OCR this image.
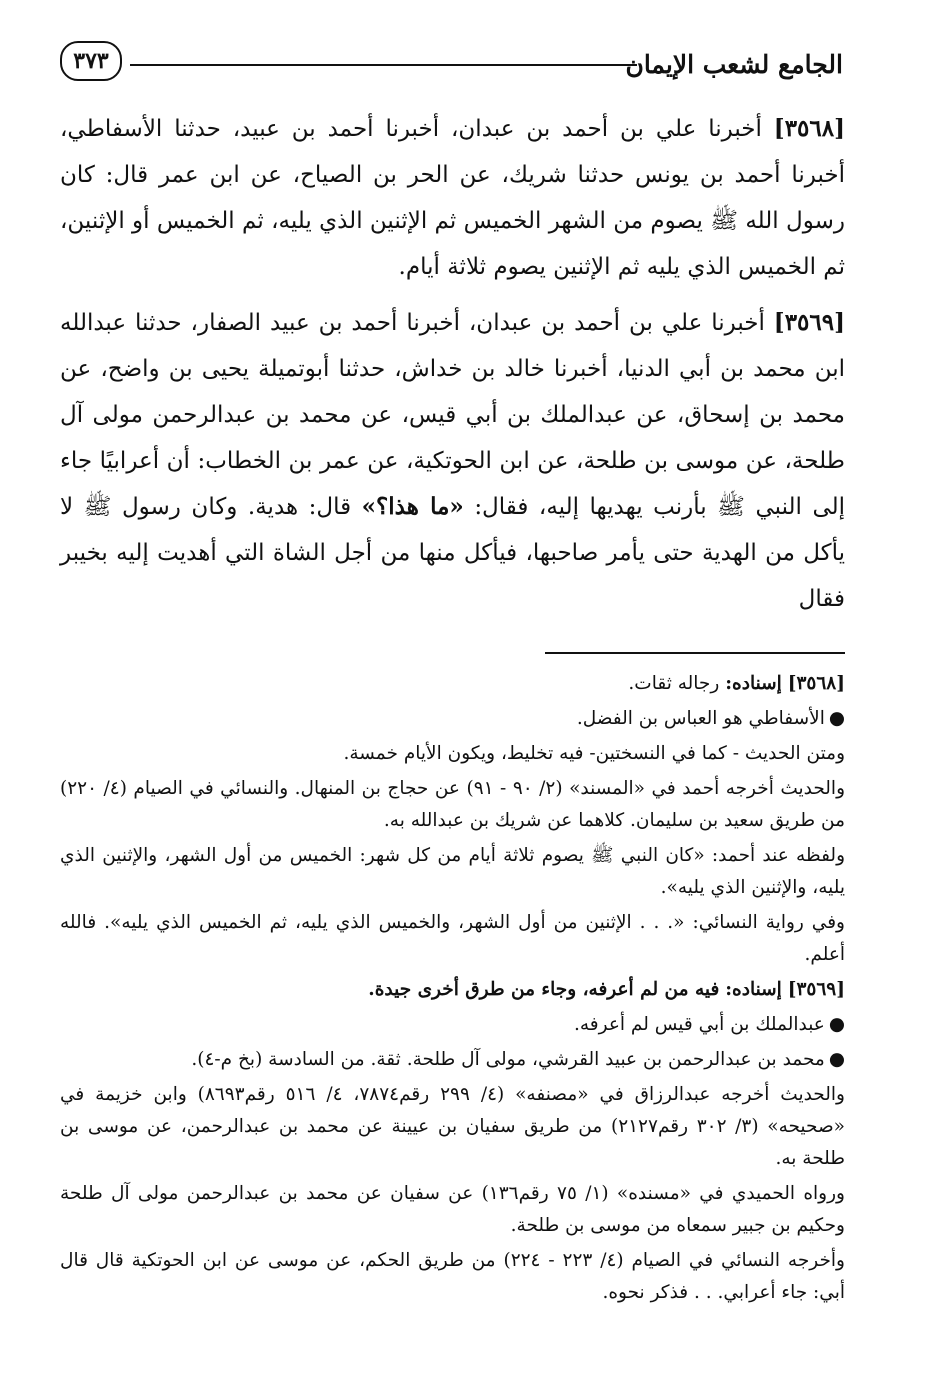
الجامع لشعب الإيمان
٣٧٣

[٣٥٦٨] أخبرنا علي بن أحمد بن عبدان، أخبرنا أحمد بن عبيد، حدثنا الأسفاطي، أخبرنا أحمد بن يونس حدثنا شريك، عن الحر بن الصياح، عن ابن عمر قال: كان رسول الله ﷺ يصوم من الشهر الخميس ثم الإثنين الذي يليه، ثم الخميس أو الإثنين، ثم الخميس الذي يليه ثم الإثنين يصوم ثلاثة أيام.

[٣٥٦٩] أخبرنا علي بن أحمد بن عبدان، أخبرنا أحمد بن عبيد الصفار، حدثنا عبدالله ابن محمد بن أبي الدنيا، أخبرنا خالد بن خداش، حدثنا أبوتميلة يحيى بن واضح، عن محمد بن إسحاق، عن عبدالملك بن أبي قيس، عن محمد بن عبدالرحمن مولى آل طلحة، عن موسى بن طلحة، عن ابن الحوتكية، عن عمر بن الخطاب: أن أعرابيًا جاء إلى النبي ﷺ بأرنب يهديها إليه، فقال: «ما هذا؟» قال: هدية. وكان رسول ﷺ لا يأكل من الهدية حتى يأمر صاحبها، فيأكل منها من أجل الشاة التي أهديت إليه بخيبر فقال

[٣٥٦٨] إسناده: رجاله ثقات.

●الأسفاطي هو العباس بن الفضل.

ومتن الحديث - كما في النسختين- فيه تخليط، ويكون الأيام خمسة.

والحديث أخرجه أحمد في «المسند» (٢/ ٩٠ - ٩١) عن حجاج بن المنهال. والنسائي في الصيام (٤/ ٢٢٠) من طريق سعيد بن سليمان. كلاهما عن شريك بن عبدالله به.

ولفظه عند أحمد: «كان النبي ﷺ يصوم ثلاثة أيام من كل شهر: الخميس من أول الشهر، والإثنين الذي يليه، والإثنين الذي يليه».

وفي رواية النسائي: «. . . الإثنين من أول الشهر، والخميس الذي يليه، ثم الخميس الذي يليه». فالله أعلم.

[٣٥٦٩] إسناده: فيه من لم أعرفه، وجاء من طرق أخرى جيدة.

●عبدالملك بن أبي قيس لم أعرفه.

●محمد بن عبدالرحمن بن عبيد القرشي، مولى آل طلحة. ثقة. من السادسة (بخ م-٤).

والحديث أخرجه عبدالرزاق في «مصنفه» (٤/ ٢٩٩ رقم٧٨٧٤، ٤/ ٥١٦ رقم٨٦٩٣) وابن خزيمة في «صحيحه» (٣/ ٣٠٢ رقم٢١٢٧) من طريق سفيان بن عيينة عن محمد بن عبدالرحمن، عن موسى بن طلحة به.

ورواه الحميدي في «مسنده» (١/ ٧٥ رقم١٣٦) عن سفيان عن محمد بن عبدالرحمن مولى آل طلحة وحكيم بن جبير سمعاه من موسى بن طلحة.

وأخرجه النسائي في الصيام (٤/ ٢٢٣ - ٢٢٤) من طريق الحكم، عن موسى عن ابن الحوتكية قال قال أبي: جاء أعرابي. . . فذكر نحوه.
